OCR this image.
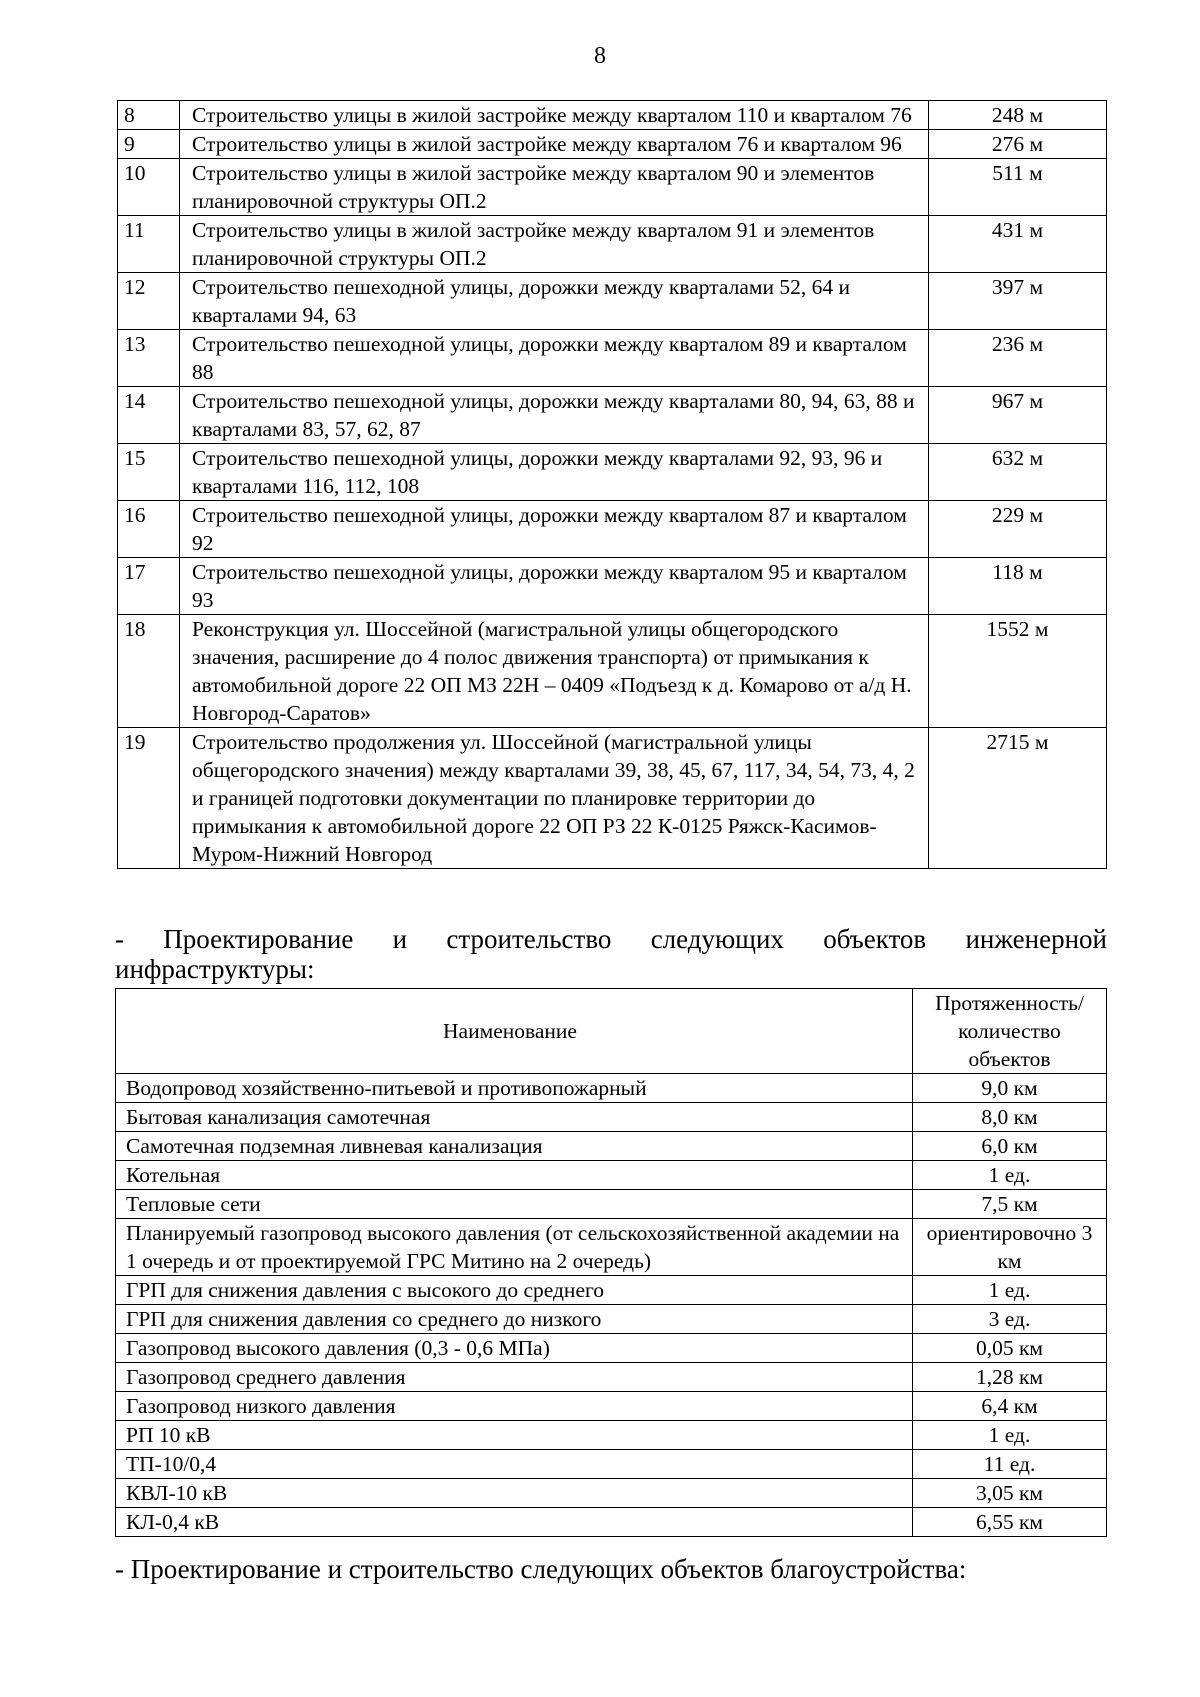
8
8	Строительство улицы в жилой застройке между кварталом 110 и кварталом 76	248 м
9	Строительство улицы в жилой застройке между кварталом 76 и кварталом 96	276 м
10	Строительство улицы в жилой застройке между кварталом 90 и элементов планировочной структуры ОП.2	511 м
11	Строительство улицы в жилой застройке между кварталом 91 и элементов планировочной структуры ОП.2	431 м
12	Строительство пешеходной улицы, дорожки между кварталами 52, 64 и кварталами 94, 63	397 м
13	Строительство пешеходной улицы, дорожки между кварталом 89 и кварталом 88	236 м
14	Строительство пешеходной улицы, дорожки между кварталами 80, 94, 63, 88 и кварталами 83, 57, 62, 87	967 м
15	Строительство пешеходной улицы, дорожки между кварталами 92, 93, 96 и кварталами 116, 112, 108	632 м
16	Строительство пешеходной улицы, дорожки между кварталом 87 и кварталом 92	229 м
17	Строительство пешеходной улицы, дорожки между кварталом 95 и кварталом 93	118 м
18	Реконструкция ул. Шоссейной (магистральной улицы общегородского значения, расширение до 4 полос движения транспорта) от примыкания к автомобильной дороге 22 ОП МЗ 22Н – 0409 «Подъезд к д. Комарово от а/д Н. Новгород-Саратов»	1552 м
19	Строительство продолжения ул. Шоссейной (магистральной улицы общегородского значения) между кварталами 39, 38, 45, 67, 117, 34, 54, 73, 4, 2 и границей подготовки документации по планировке территории до примыкания к автомобильной дороге 22 ОП РЗ 22 К-0125 Ряжск-Касимов-Муром-Нижний Новгород	2715 м
- Проектирование и строительство следующих объектов инженерной
инфраструктуры:
Наименование	Протяженность/
количество
объектов

Водопровод хозяйственно-питьевой и противопожарный	9,0 км
Бытовая канализация самотечная	8,0 км
Самотечная подземная ливневая канализация	6,0 км
Котельная	1 ед.
Тепловые сети	7,5 км
Планируемый газопровод высокого давления (от сельскохозяйственной академии на 1 очередь и от проектируемой ГРС Митино на 2 очередь)	ориентировочно 3 км
ГРП для снижения давления с высокого до среднего	1 ед.
ГРП для снижения давления со среднего до низкого	3 ед.
Газопровод высокого давления (0,3 - 0,6 МПа)	0,05 км
Газопровод среднего давления	1,28 км
Газопровод низкого давления	6,4 км
РП 10 кВ	1 ед.
ТП-10/0,4	11 ед.
КВЛ-10 кВ	3,05 км
КЛ-0,4 кВ	6,55 км
- Проектирование и строительство следующих объектов благоустройства:
